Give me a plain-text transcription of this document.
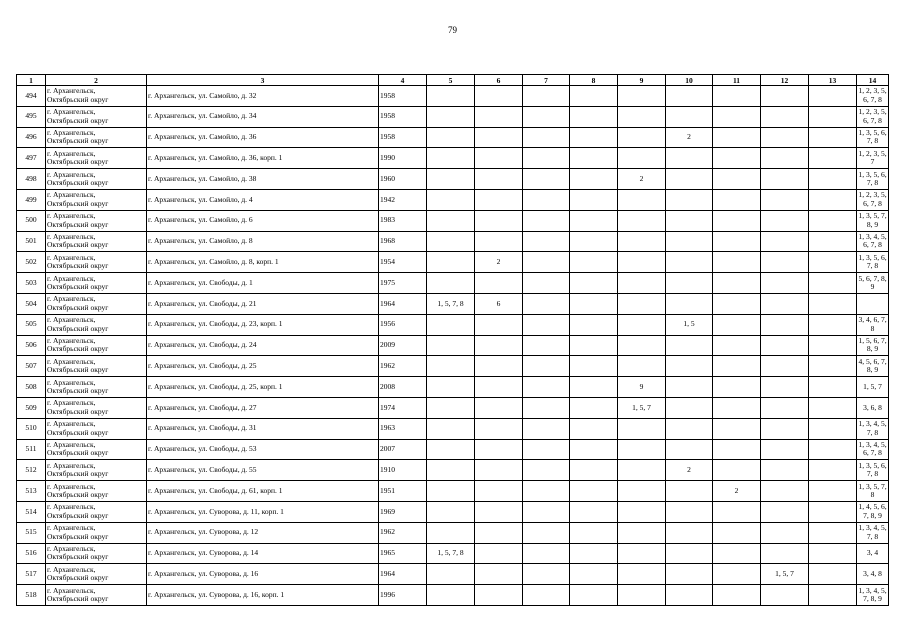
79
1	2	3	4	5	6	7	8	9	10	11	12	13	14
494	г. Архангельск,
Октябрьский округ	г. Архангельск, ул. Самойло, д. 32	1958										1, 2, 3, 5, 6, 7, 8
495	г. Архангельск,
Октябрьский округ	г. Архангельск, ул. Самойло, д. 34	1958										1, 2, 3, 5, 6, 7, 8
496	г. Архангельск,
Октябрьский округ	г. Архангельск, ул. Самойло, д. 36	1958						2				1, 3, 5, 6, 7, 8
497	г. Архангельск,
Октябрьский округ	г. Архангельск, ул. Самойло, д. 36, корп. 1	1990										1, 2, 3, 5, 7
498	г. Архангельск,
Октябрьский округ	г. Архангельск, ул. Самойло, д. 38	1960					2					1, 3, 5, 6, 7, 8
499	г. Архангельск,
Октябрьский округ	г. Архангельск, ул. Самойло, д. 4	1942										1, 2, 3, 5, 6, 7, 8
500	г. Архангельск,
Октябрьский округ	г. Архангельск, ул. Самойло, д. 6	1983										1, 3, 5, 7, 8, 9
501	г. Архангельск,
Октябрьский округ	г. Архангельск, ул. Самойло, д. 8	1968										1, 3, 4, 5, 6, 7, 8
502	г. Архангельск,
Октябрьский округ	г. Архангельск, ул. Самойло, д. 8, корп. 1	1954		2								1, 3, 5, 6, 7, 8
503	г. Архангельск,
Октябрьский округ	г. Архангельск, ул. Свободы, д. 1	1975										5, 6, 7, 8, 9
504	г. Архангельск,
Октябрьский округ	г. Архангельск, ул. Свободы, д. 21	1964	1, 5, 7, 8	6								
505	г. Архангельск,
Октябрьский округ	г. Архангельск, ул. Свободы, д. 23, корп. 1	1956						1, 5				3, 4, 6, 7, 8
506	г. Архангельск,
Октябрьский округ	г. Архангельск, ул. Свободы, д. 24	2009										1, 5, 6, 7, 8, 9
507	г. Архангельск,
Октябрьский округ	г. Архангельск, ул. Свободы, д. 25	1962										4, 5, 6, 7, 8, 9
508	г. Архангельск,
Октябрьский округ	г. Архангельск, ул. Свободы, д. 25, корп. 1	2008					9					1, 5, 7
509	г. Архангельск,
Октябрьский округ	г. Архангельск, ул. Свободы, д. 27	1974					1, 5, 7					3, 6, 8
510	г. Архангельск,
Октябрьский округ	г. Архангельск, ул. Свободы, д. 31	1963										1, 3, 4, 5, 7, 8
511	г. Архангельск,
Октябрьский округ	г. Архангельск, ул. Свободы, д. 53	2007										1, 3, 4, 5, 6, 7, 8
512	г. Архангельск,
Октябрьский округ	г. Архангельск, ул. Свободы, д. 55	1910						2				1, 3, 5, 6, 7, 8
513	г. Архангельск,
Октябрьский округ	г. Архангельск, ул. Свободы, д. 61, корп. 1	1951							2			1, 3, 5, 7, 8
514	г. Архангельск,
Октябрьский округ	г. Архангельск, ул. Суворова, д. 11, корп. 1	1969										1, 4, 5, 6, 7, 8, 9
515	г. Архангельск,
Октябрьский округ	г. Архангельск, ул. Суворова, д. 12	1962										1, 3, 4, 5, 7, 8
516	г. Архангельск,
Октябрьский округ	г. Архангельск, ул. Суворова, д. 14	1965	1, 5, 7, 8									3, 4
517	г. Архангельск,
Октябрьский округ	г. Архангельск, ул. Суворова, д. 16	1964								1, 5, 7		3, 4, 8
518	г. Архангельск,
Октябрьский округ	г. Архангельск, ул. Суворова, д. 16, корп. 1	1996										1, 3, 4, 5, 7, 8, 9
